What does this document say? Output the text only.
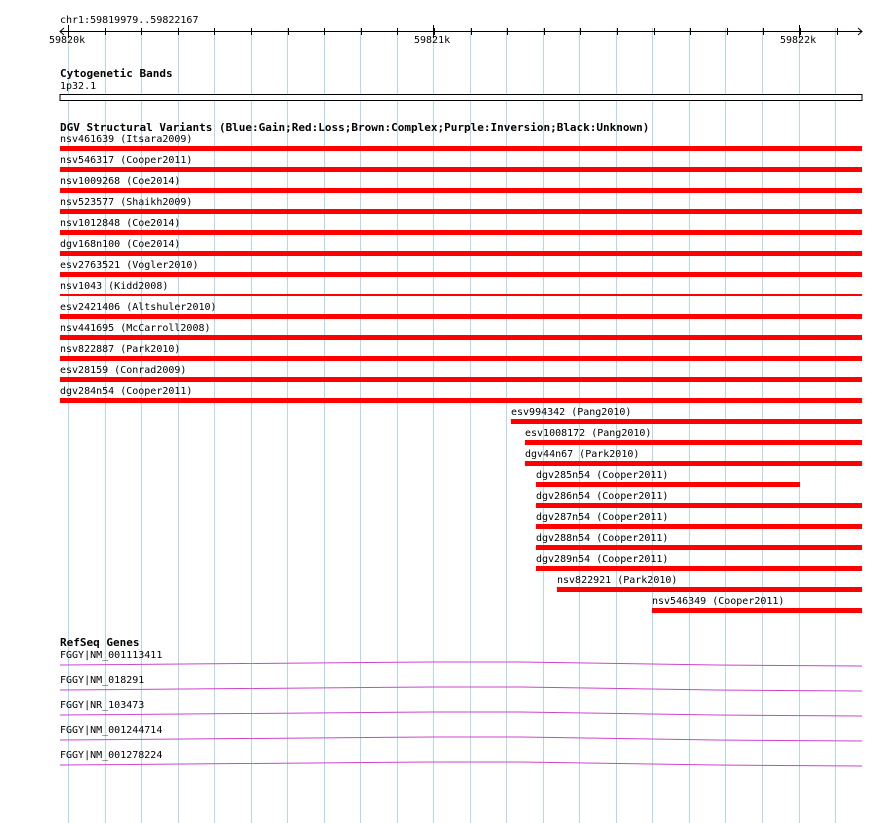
chr1:59819979..59822167
59820k	59821k	59822k
Cytogenetic Bands
1p32.1
DGV Structural Variants (Blue:Gain;Red:Loss;Brown:Complex;Purple:Inversion;Black:Unknown)
nsv461639 (Itsara2009)
nsv546317 (Cooper2011)
nsv1009268 (Coe2014)
nsv523577 (Shaikh2009)
nsv1012848 (Coe2014)
dgv168n100 (Coe2014)
esv2763521 (Vogler2010)
nsv1043 (Kidd2008)
esv2421406 (Altshuler2010)
nsv441695 (McCarroll2008)
nsv822887 (Park2010)
esv28159 (Conrad2009)
dgv284n54 (Cooper2011)
esv994342 (Pang2010)
esv1008172 (Pang2010)
dgv44n67 (Park2010)
dgv285n54 (Cooper2011)
dgv286n54 (Cooper2011)
dgv287n54 (Cooper2011)
dgv288n54 (Cooper2011)
dgv289n54 (Cooper2011)
nsv822921 (Park2010)
nsv546349 (Cooper2011)
RefSeq Genes
FGGY|NM_001113411
FGGY|NM_018291
FGGY|NR_103473
FGGY|NM_001244714
FGGY|NM_001278224
